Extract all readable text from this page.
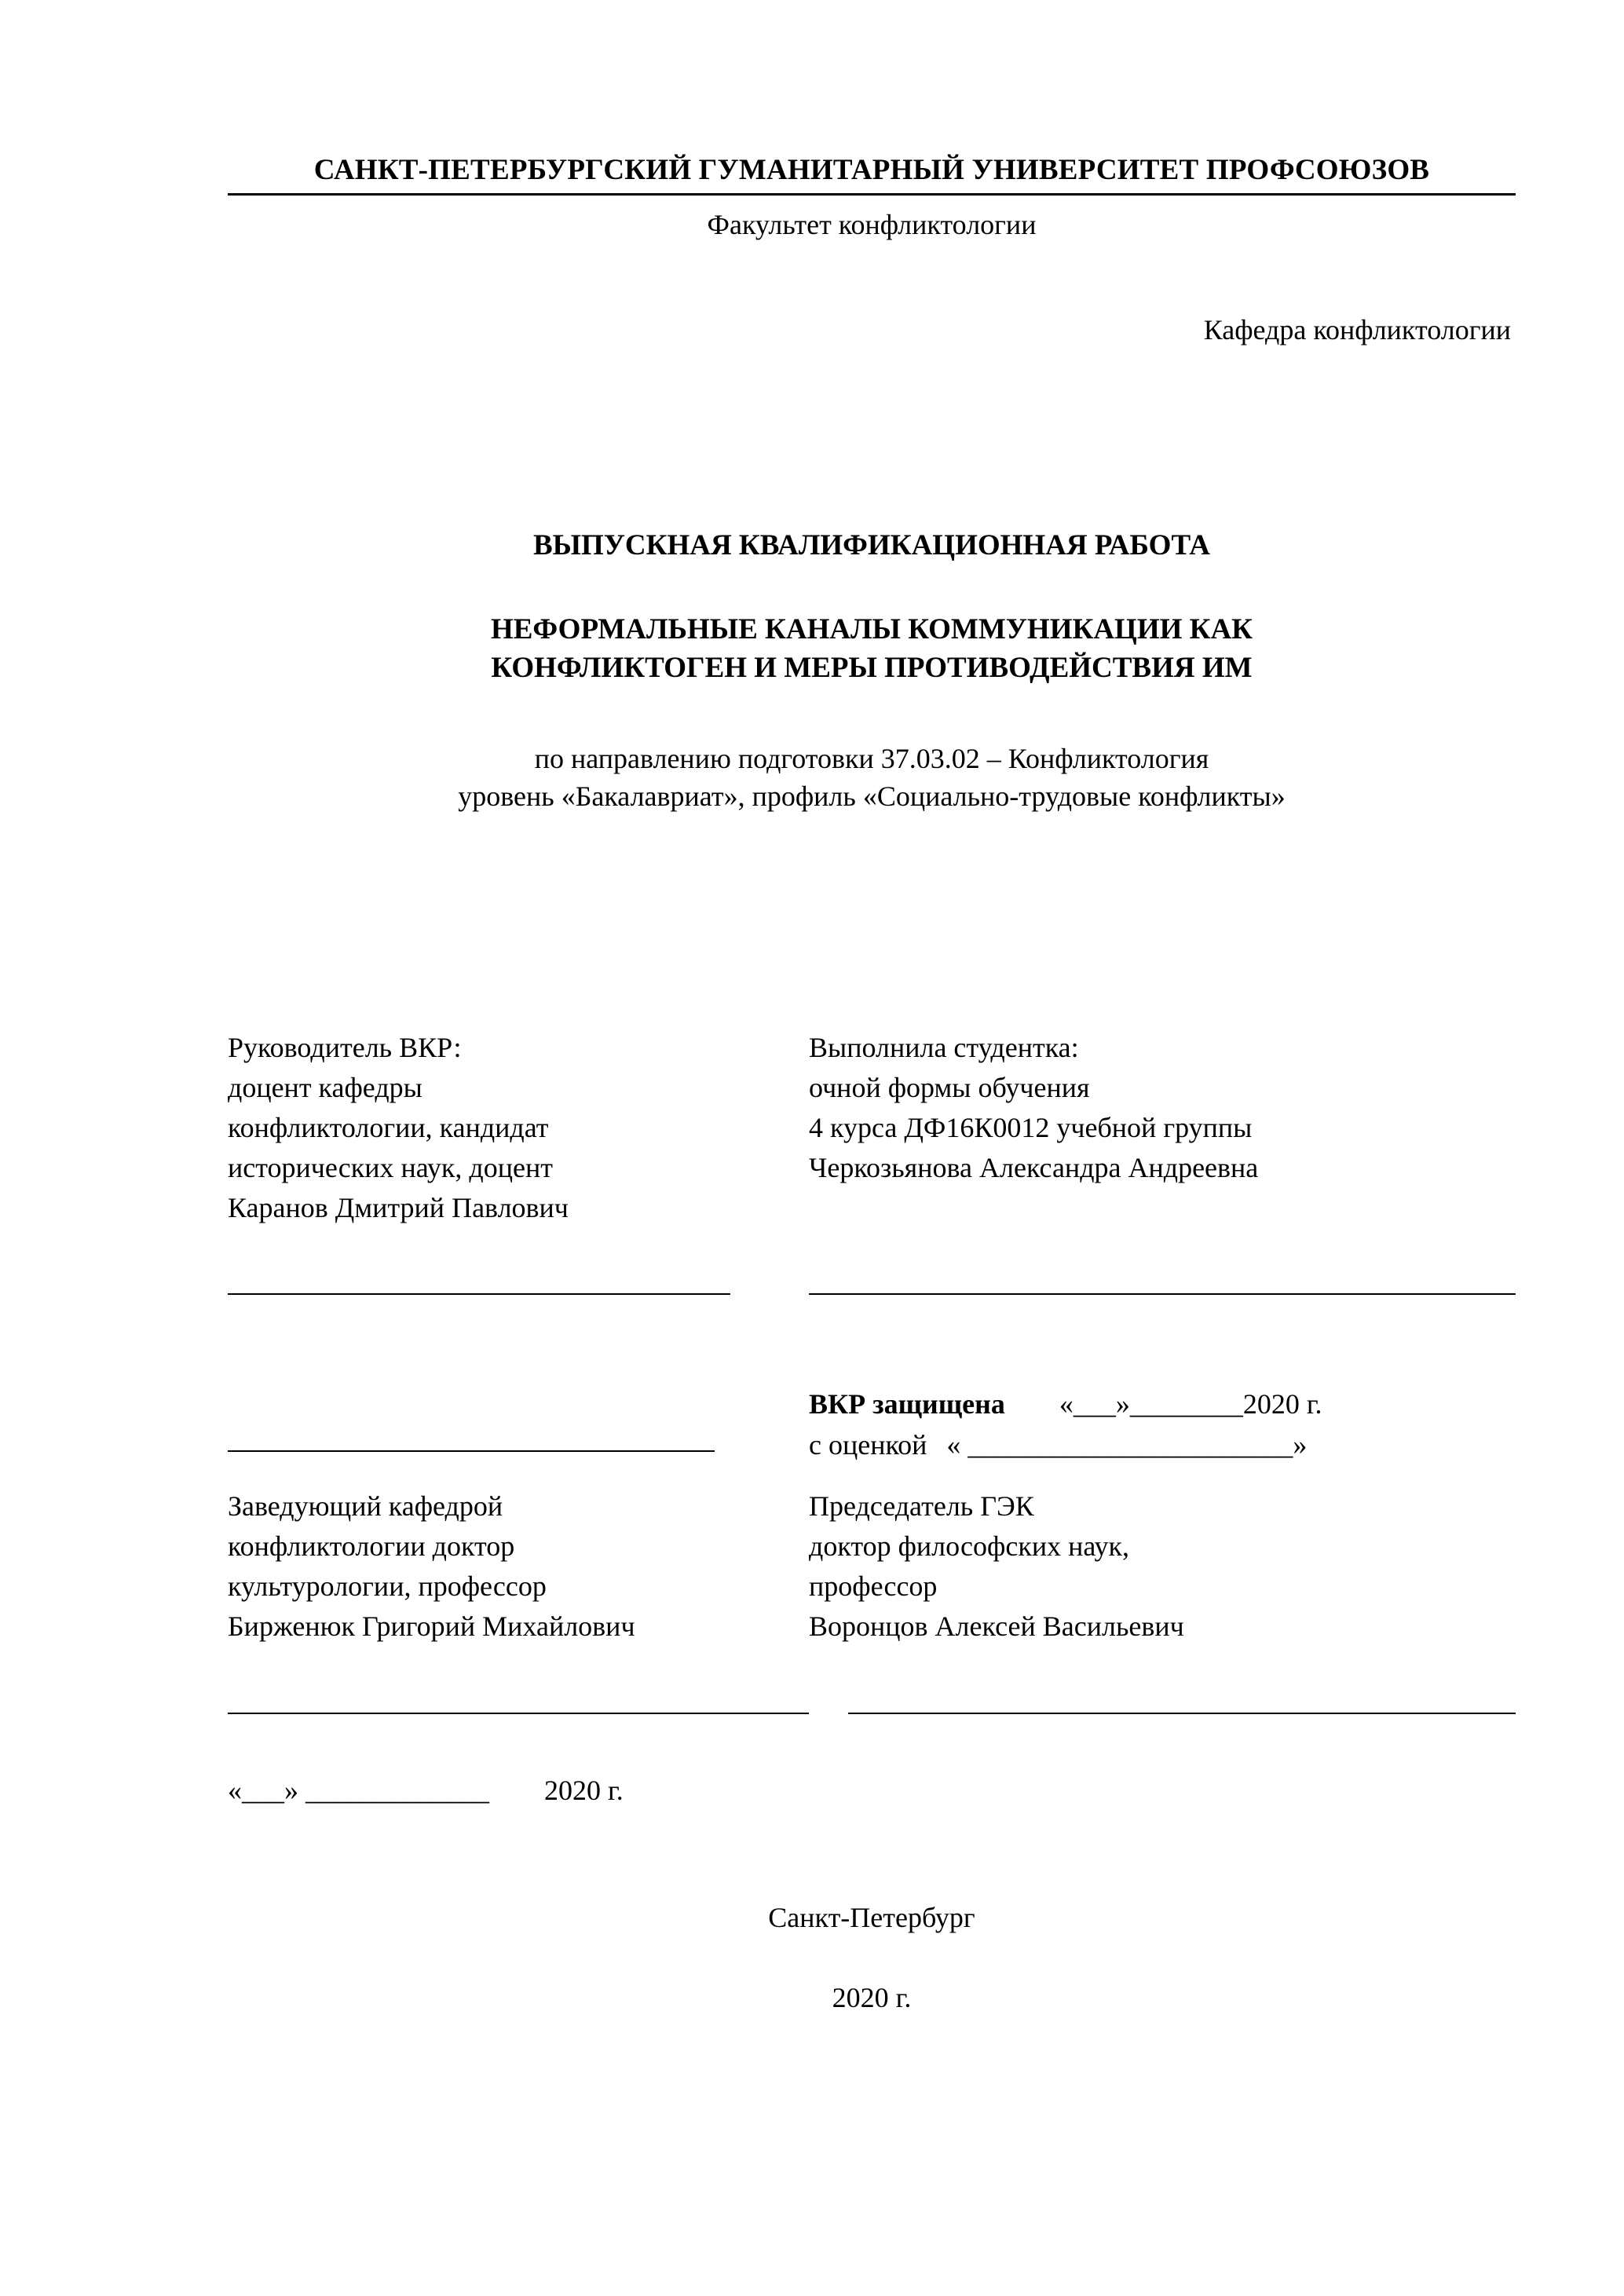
САНКТ-ПЕТЕРБУРГСКИЙ ГУМАНИТАРНЫЙ УНИВЕРСИТЕТ ПРОФСОЮЗОВ
Факультет конфликтологии
Кафедра конфликтологии
ВЫПУСКНАЯ КВАЛИФИКАЦИОННАЯ РАБОТА
НЕФОРМАЛЬНЫЕ КАНАЛЫ КОММУНИКАЦИИ КАК
КОНФЛИКТОГЕН И МЕРЫ ПРОТИВОДЕЙСТВИЯ ИМ
по направлению подготовки 37.03.02 – Конфликтология
уровень «Бакалавриат», профиль «Социально-трудовые конфликты»
Руководитель ВКР:
доцент кафедры
конфликтологии, кандидат
исторических наук, доцент
Каранов Дмитрий Павлович
Выполнила студентка:
очной формы обучения
4 курса ДФ16К0012 учебной группы
Черкозьянова Александра Андреевна
ВКР защищена «___»________2020 г.
с оценкой « _______________________»
Заведующий кафедрой
конфликтологии доктор
культурологии, профессор
Бирженюк Григорий Михайлович
Председатель ГЭК
доктор философских наук,
профессор
Воронцов Алексей Васильевич
«___» _____________ 2020 г.
Санкт-Петербург
2020 г.
